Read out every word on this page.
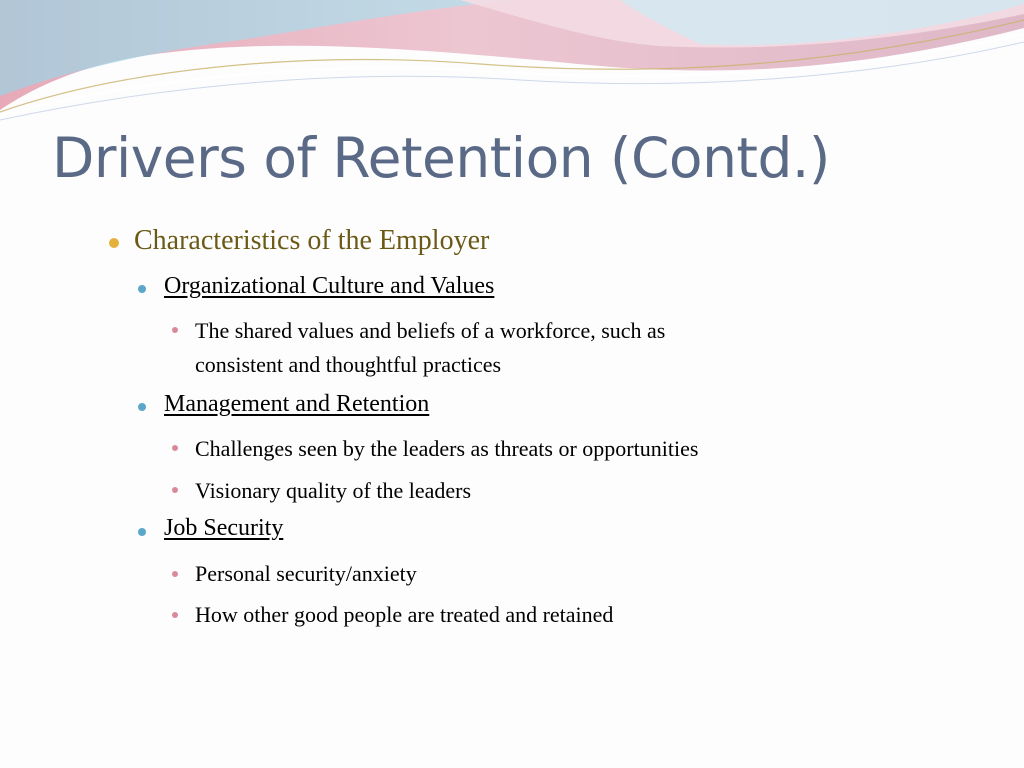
Drivers of Retention (Contd.)
Characteristics of the Employer
Organizational Culture and Values
The shared values and beliefs of a workforce, such as
consistent and thoughtful practices
Management and Retention
Challenges seen by the leaders as threats or opportunities
Visionary quality of the leaders
Job Security
Personal security/anxiety
How other good people are treated and retained
